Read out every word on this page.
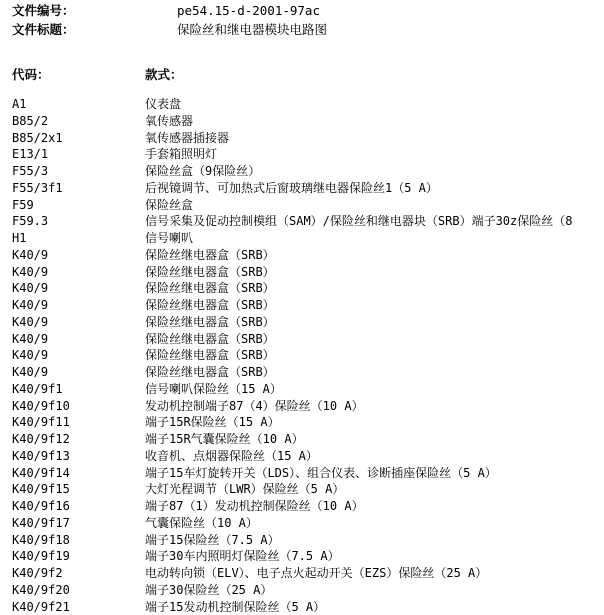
文件编号：	pe54.15-d-2001-97ac
文件标题：	保险丝和继电器模块电路图
代码：	款式：
A1	仪表盘
B85/2	氧传感器
B85/2x1	氧传感器插接器
E13/1	手套箱照明灯
F55/3	保险丝盒（9保险丝）
F55/3f1	后视镜调节、可加热式后窗玻璃继电器保险丝1（5 A）
F59	保险丝盒
F59.3	信号采集及促动控制模组（SAM）/保险丝和继电器块（SRB）端子30z保险丝（8
H1	信号喇叭
K40/9	保险丝继电器盒（SRB）
K40/9	保险丝继电器盒（SRB）
K40/9	保险丝继电器盒（SRB）
K40/9	保险丝继电器盒（SRB）
K40/9	保险丝继电器盒（SRB）
K40/9	保险丝继电器盒（SRB）
K40/9	保险丝继电器盒（SRB）
K40/9	保险丝继电器盒（SRB）
K40/9f1	信号喇叭保险丝（15 A）
K40/9f10	发动机控制端子87（4）保险丝（10 A）
K40/9f11	端子15R保险丝（15 A）
K40/9f12	端子15R气囊保险丝（10 A）
K40/9f13	收音机、点烟器保险丝（15 A）
K40/9f14	端子15车灯旋转开关（LDS）、组合仪表、诊断插座保险丝（5 A）
K40/9f15	大灯光程调节（LWR）保险丝（5 A）
K40/9f16	端子87（1）发动机控制保险丝（10 A）
K40/9f17	气囊保险丝（10 A）
K40/9f18	端子15保险丝（7.5 A）
K40/9f19	端子30车内照明灯保险丝（7.5 A）
K40/9f2	电动转向锁（ELV）、电子点火起动开关（EZS）保险丝（25 A）
K40/9f20	端子30保险丝（25 A）
K40/9f21	端子15发动机控制保险丝（5 A）
